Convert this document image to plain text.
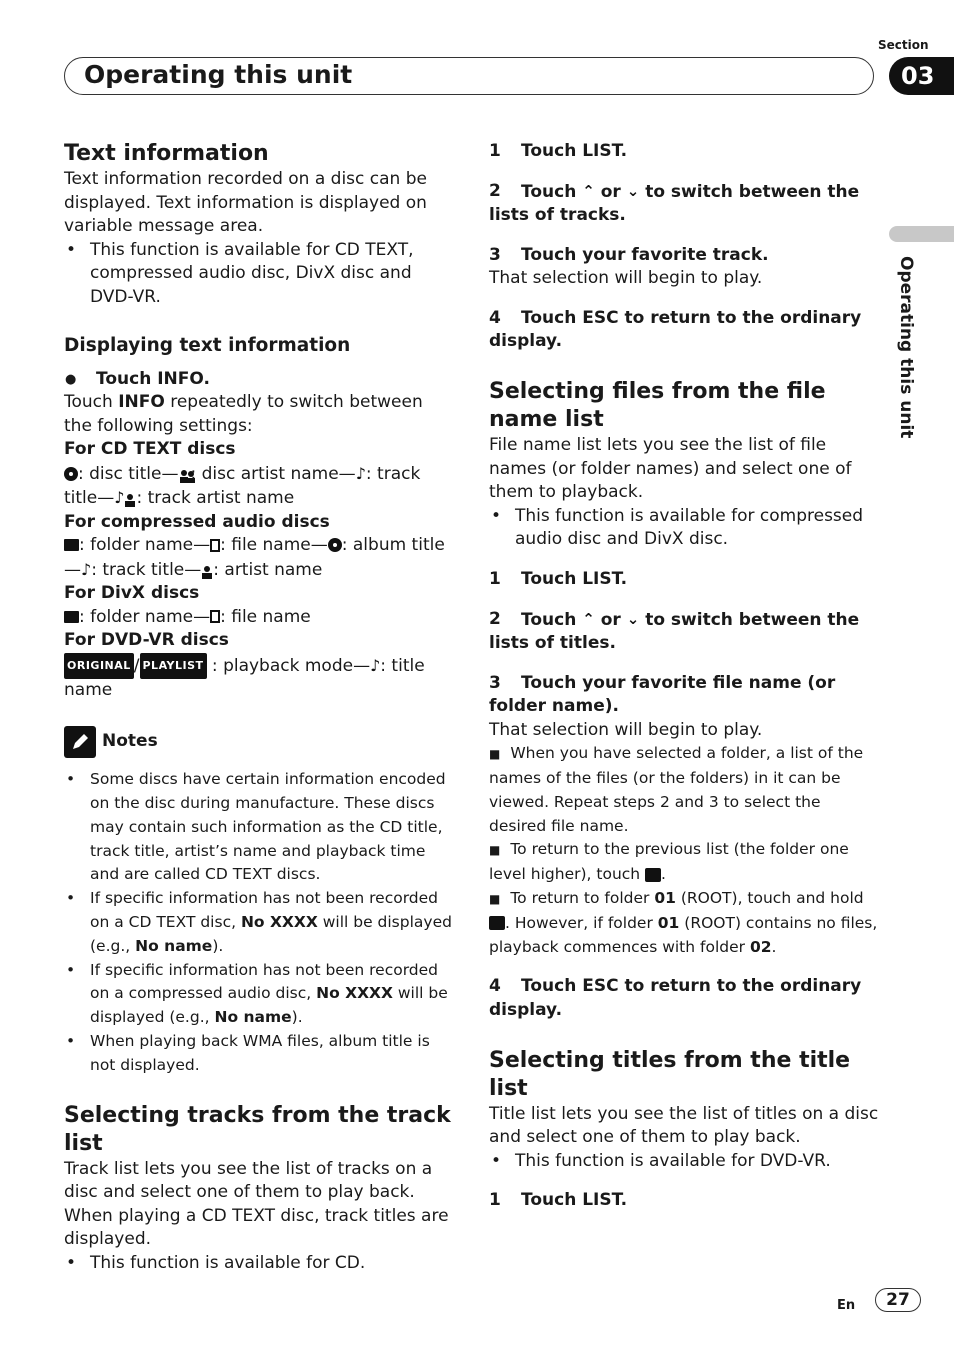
Section
Operating this unit	03
Operating this unit
Text information

Text information recorded on a disc can be displayed. Text information is displayed on variable message area.

• This function is available for CD TEXT, compressed audio disc, DivX disc and DVD-VR.

Displaying text information

● Touch INFO.

Touch INFO repeatedly to switch between the following settings:

For CD TEXT discs

: disc title— : disc artist name—♪: track title—♪ : track artist name

For compressed audio discs

: folder name— : file name— : album title—♪: track title— : artist name

For DivX discs

: folder name— : file name

For DVD-VR discs

ORIGINAL / PLAYLIST : playback mode—♪: title name

Notes

• Some discs have certain information encoded on the disc during manufacture. These discs may contain such information as the CD title, track title, artist’s name and playback time and are called CD TEXT discs.

• If specific information has not been recorded on a CD TEXT disc, No XXXX will be displayed (e.g., No name).

• If specific information has not been recorded on a compressed audio disc, No XXXX will be displayed (e.g., No name).

• When playing back WMA files, album title is not displayed.

Selecting tracks from the track list

Track list lets you see the list of tracks on a disc and select one of them to play back. When playing a CD TEXT disc, track titles are displayed.

• This function is available for CD.

1 Touch LIST.

2 Touch ⌃ or ⌄ to switch between the lists of tracks.

3 Touch your favorite track.

That selection will begin to play.

4 Touch ESC to return to the ordinary display.

Selecting files from the file name list

File name list lets you see the list of file names (or folder names) and select one of them to playback.

• This function is available for compressed audio disc and DivX disc.

1 Touch LIST.

2 Touch ⌃ or ⌄ to switch between the lists of titles.

3 Touch your favorite file name (or folder name).

That selection will begin to play.

■ When you have selected a folder, a list of the names of the files (or the folders) in it can be viewed. Repeat steps 2 and 3 to select the desired file name.

■ To return to the previous list (the folder one level higher), touch .

■ To return to folder 01 (ROOT), touch and hold . However, if folder 01 (ROOT) contains no files, playback commences with folder 02.

4 Touch ESC to return to the ordinary display.

Selecting titles from the title list

Title list lets you see the list of titles on a disc and select one of them to play back.

• This function is available for DVD-VR.

1 Touch LIST.

En	27
